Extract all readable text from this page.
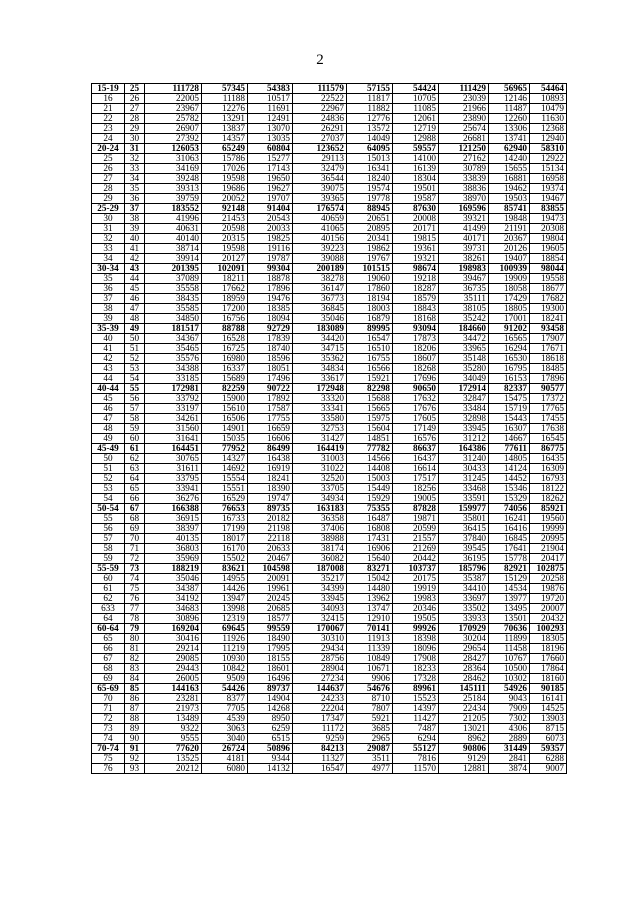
2
15-19	25	111728	57345	54383	111579	57155	54424	111429	56965	54464
16	26	22005	11188	10517	22522	11817	10705	23039	12146	10893
21	27	23967	12276	11691	22967	11882	11085	21966	11487	10479
22	28	25782	13291	12491	24836	12776	12061	23890	12260	11630
23	29	26907	13837	13070	26291	13572	12719	25674	13306	12368
24	30	27392	14357	13035	27037	14049	12988	26681	13741	12940
20-24	31	126053	65249	60804	123652	64095	59557	121250	62940	58310
25	32	31063	15786	15277	29113	15013	14100	27162	14240	12922
26	33	34169	17026	17143	32479	16341	16139	30789	15655	15134
27	34	39248	19598	19650	36544	18240	18304	33839	16881	16958
28	35	39313	19686	19627	39075	19574	19501	38836	19462	19374
29	36	39759	20052	19707	39365	19778	19587	38970	19503	19467
25-29	37	183552	92148	91404	176574	88945	87630	169596	85741	83855
30	38	41996	21453	20543	40659	20651	20008	39321	19848	19473
31	39	40631	20598	20033	41065	20895	20171	41499	21191	20308
32	40	40140	20315	19825	40156	20341	19815	40171	20367	19804
33	41	38714	19598	19116	39223	19862	19361	39731	20126	19605
34	42	39914	20127	19787	39088	19767	19321	38261	19407	18854
30-34	43	201395	102091	99304	200189	101515	98674	198983	100939	98044
35	44	37089	18211	18878	38278	19060	19218	39467	19909	19558
36	45	35558	17662	17896	36147	17860	18287	36735	18058	18677
37	46	38435	18959	19476	36773	18194	18579	35111	17429	17682
38	47	35585	17200	18385	36845	18003	18843	38105	18805	19300
39	48	34850	16756	18094	35046	16879	18168	35242	17001	18241
35-39	49	181517	88788	92729	183089	89995	93094	184660	91202	93458
40	50	34367	16528	17839	34420	16547	17873	34472	16565	17907
41	51	35465	16725	18740	34715	16510	18206	33965	16294	17671
42	52	35576	16980	18596	35362	16755	18607	35148	16530	18618
43	53	34388	16337	18051	34834	16566	18268	35280	16795	18485
44	54	33185	15689	17496	33617	15921	17696	34049	16153	17896
40-44	55	172981	82259	90722	172948	82298	90650	172914	82337	90577
45	56	33792	15900	17892	33320	15688	17632	32847	15475	17372
46	57	33197	15610	17587	33341	15665	17676	33484	15719	17765
47	58	34261	16506	17755	33580	15975	17605	32898	15443	17455
48	59	31560	14901	16659	32753	15604	17149	33945	16307	17638
49	60	31641	15035	16606	31427	14851	16576	31212	14667	16545
45-49	61	164451	77952	86499	164419	77782	86637	164386	77611	86775
50	62	30765	14327	16438	31003	14566	16437	31240	14805	16435
51	63	31611	14692	16919	31022	14408	16614	30433	14124	16309
52	64	33795	15554	18241	32520	15003	17517	31245	14452	16793
53	65	33941	15551	18390	33705	15449	18256	33468	15346	18122
54	66	36276	16529	19747	34934	15929	19005	33591	15329	18262
50-54	67	166388	76653	89735	163183	75355	87828	159977	74056	85921
55	68	36915	16733	20182	36358	16487	19871	35801	16241	19560
56	69	38397	17199	21198	37406	16808	20599	36415	16416	19999
57	70	40135	18017	22118	38988	17431	21557	37840	16845	20995
58	71	36803	16170	20633	38174	16906	21269	39545	17641	21904
59	72	35969	15502	20467	36082	15640	20442	36195	15778	20417
55-59	73	188219	83621	104598	187008	83271	103737	185796	82921	102875
60	74	35046	14955	20091	35217	15042	20175	35387	15129	20258
61	75	34387	14426	19961	34399	14480	19919	34410	14534	19876
62	76	34192	13947	20245	33945	13962	19983	33697	13977	19720
633	77	34683	13998	20685	34093	13747	20346	33502	13495	20007
64	78	30896	12319	18577	32415	12910	19505	33933	13501	20432
60-64	79	169204	69645	99559	170067	70141	99926	170929	70636	100293
65	80	30416	11926	18490	30310	11913	18398	30204	11899	18305
66	81	29214	11219	17995	29434	11339	18096	29654	11458	18196
67	82	29085	10930	18155	28756	10849	17908	28427	10767	17660
68	83	29443	10842	18601	28904	10671	18233	28364	10500	17864
69	84	26005	9509	16496	27234	9906	17328	28462	10302	18160
65-69	85	144163	54426	89737	144637	54676	89961	145111	54926	90185
70	86	23281	8377	14904	24233	8710	15523	25184	9043	16141
71	87	21973	7705	14268	22204	7807	14397	22434	7909	14525
72	88	13489	4539	8950	17347	5921	11427	21205	7302	13903
73	89	9322	3063	6259	11172	3685	7487	13021	4306	8715
74	90	9555	3040	6515	9259	2965	6294	8962	2889	6073
70-74	91	77620	26724	50896	84213	29087	55127	90806	31449	59357
75	92	13525	4181	9344	11327	3511	7816	9129	2841	6288
76	93	20212	6080	14132	16547	4977	11570	12881	3874	9007
